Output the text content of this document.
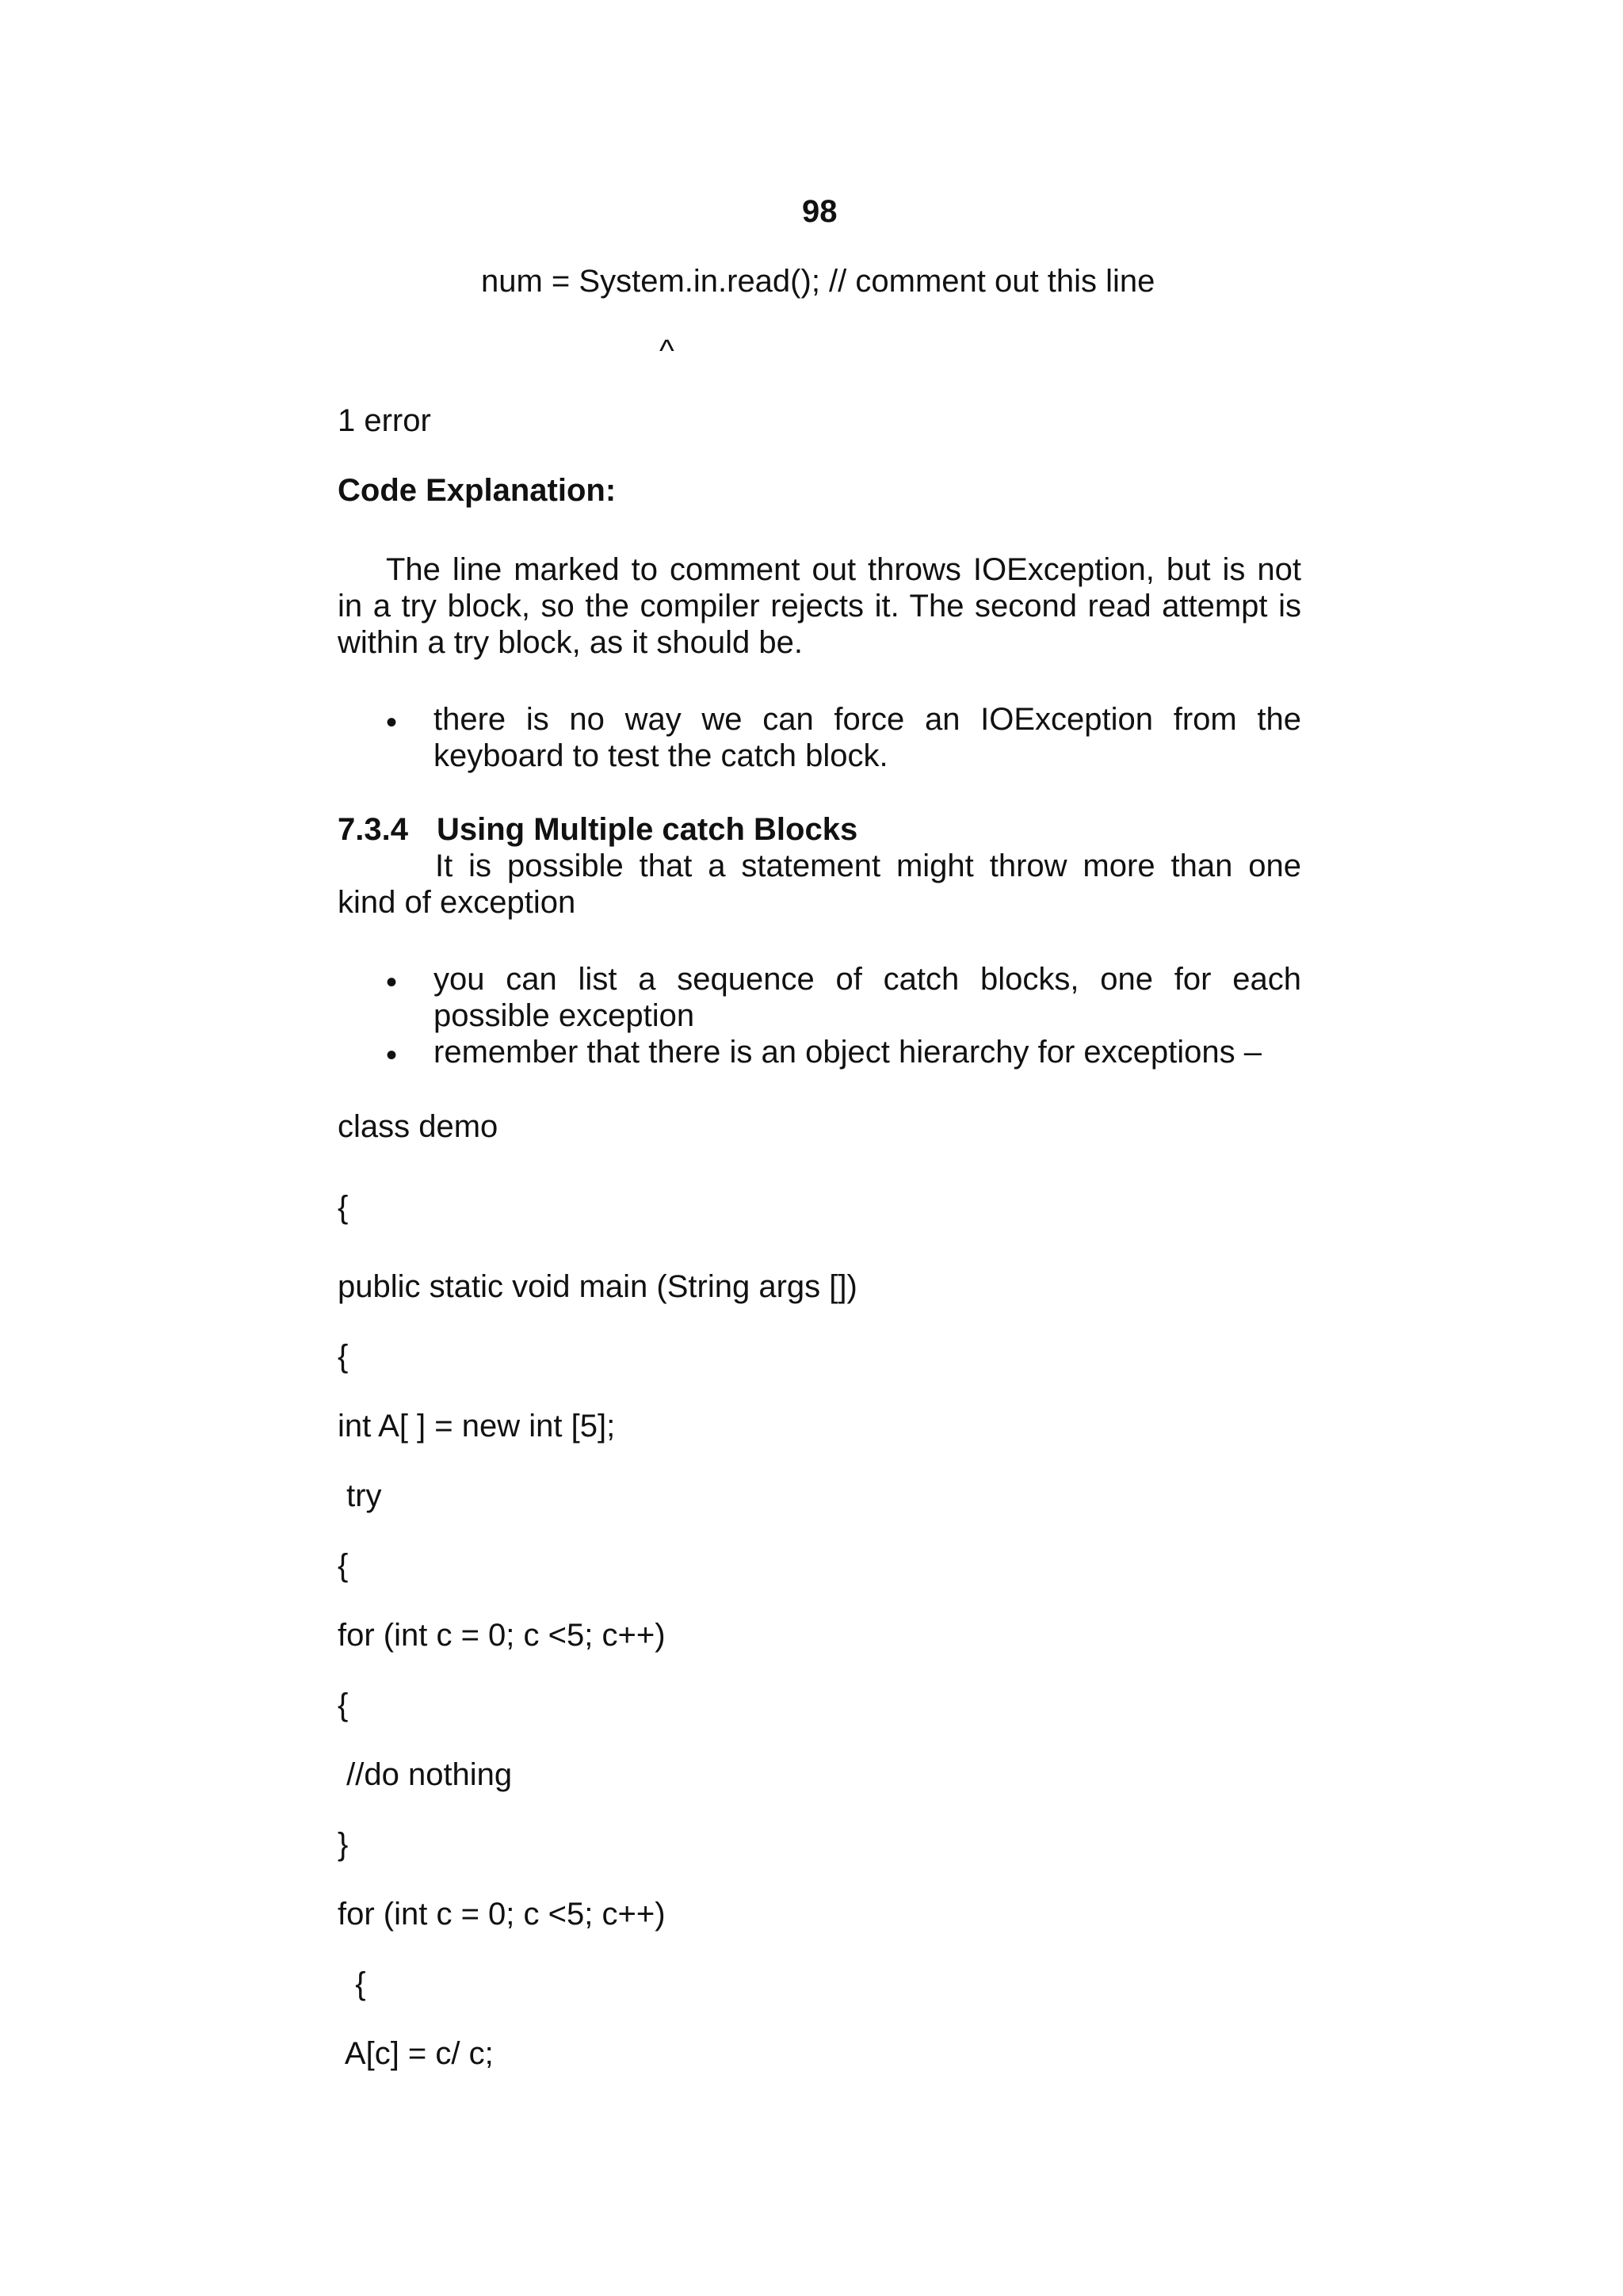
98
num = System.in.read(); // comment out this line
^
1 error
Code Explanation:
The line marked to comment out throws IOException, but is not
in a try block, so the compiler rejects it. The second read attempt is
within a try block, as it should be.
• there is no way we can force an IOException from the
keyboard to test the catch block.
7.3.4 Using Multiple catch Blocks
It is possible that a statement might throw more than one
kind of exception
• you can list a sequence of catch blocks, one for each
possible exception
• remember that there is an object hierarchy for exceptions –
class demo
{
public static void main (String args [])
{
int A[ ] = new int [5];
try
{
for (int c = 0; c <5; c++)
{
//do nothing
}
for (int c = 0; c <5; c++)
{
A[c] = c/ c;
